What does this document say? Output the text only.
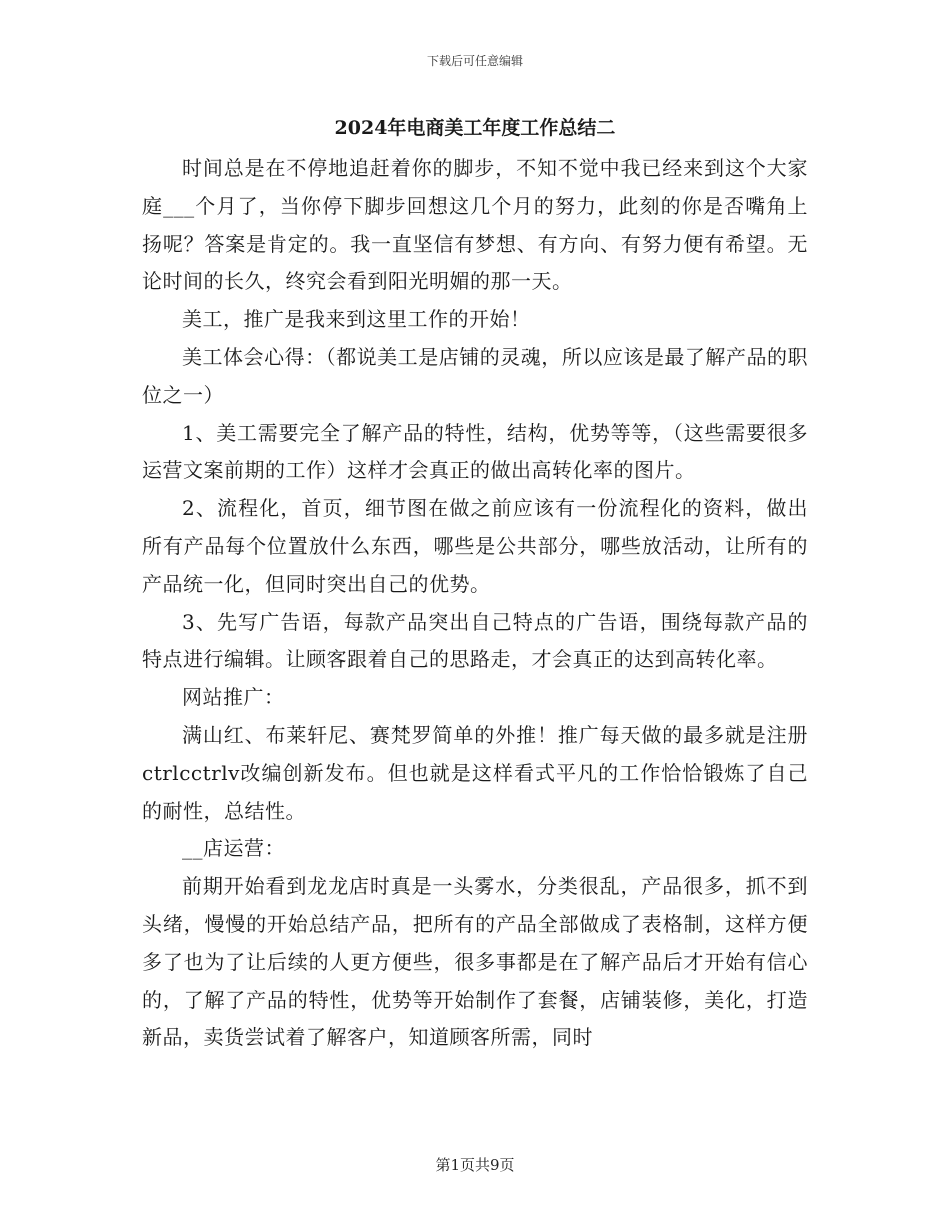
下载后可任意编辑
2024年电商美工年度工作总结二

时间总是在不停地追赶着你的脚步，不知不觉中我已经来到这个大家庭___个月了，当你停下脚步回想这几个月的努力，此刻的你是否嘴角上扬呢？答案是肯定的。我一直坚信有梦想、有方向、有努力便有希望。无论时间的长久，终究会看到阳光明媚的那一天。

美工，推广是我来到这里工作的开始！

美工体会心得：（都说美工是店铺的灵魂，所以应该是最了解产品的职位之一）

1、美工需要完全了解产品的特性，结构，优势等等，（这些需要很多运营文案前期的工作）这样才会真正的做出高转化率的图片。

2、流程化，首页，细节图在做之前应该有一份流程化的资料，做出所有产品每个位置放什么东西，哪些是公共部分，哪些放活动，让所有的产品统一化，但同时突出自己的优势。

3、先写广告语，每款产品突出自己特点的广告语，围绕每款产品的特点进行编辑。让顾客跟着自己的思路走，才会真正的达到高转化率。

网站推广：

满山红、布莱轩尼、赛梵罗简单的外推！推广每天做的最多就是注册ctrlcctrlv改编创新发布。但也就是这样看式平凡的工作恰恰锻炼了自己的耐性，总结性。

__店运营：

前期开始看到龙龙店时真是一头雾水，分类很乱，产品很多，抓不到头绪，慢慢的开始总结产品，把所有的产品全部做成了表格制，这样方便多了也为了让后续的人更方便些，很多事都是在了解产品后才开始有信心的，了解了产品的特性，优势等开始制作了套餐，店铺装修，美化，打造新品，卖货尝试着了解客户，知道顾客所需，同时

第1页共9页
